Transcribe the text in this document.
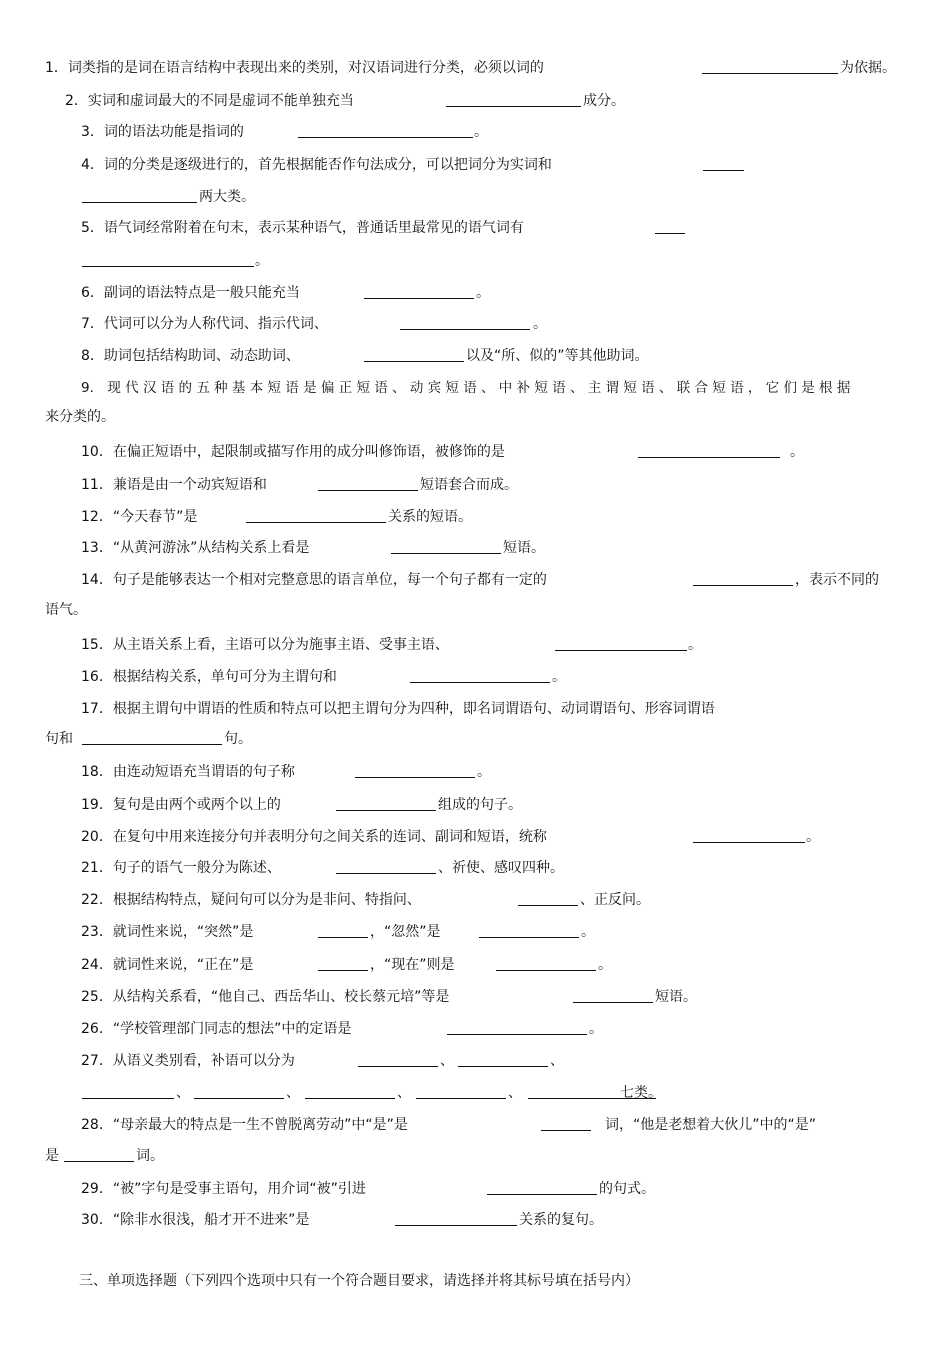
1．词类指的是词在语言结构中表现出来的类别，对汉语词进行分类，必须以词的	为依据。
2．实词和虚词最大的不同是虚词不能单独充当	成分。
3．词的语法功能是指词的	。
4．词的分类是逐级进行的，首先根据能否作句法成分，可以把词分为实词和
两大类。
5．语气词经常附着在句末，表示某种语气，普通话里最常见的语气词有
。
6．副词的语法特点是一般只能充当	。
7．代词可以分为人称代词、指示代词、	。
8．助词包括结构助词、动态助词、	以及“所、似的”等其他助词。
9． 现 代 汉 语 的 五 种 基 本 短 语 是 偏 正 短 语 、 动 宾 短 语 、 中 补 短 语 、 主 谓 短 语 、 联 合 短 语 ， 它 们 是 根 据
来分类的。
10．在偏正短语中，起限制或描写作用的成分叫修饰语，被修饰的是	。
11．兼语是由一个动宾短语和	短语套合而成。
12．“今天春节”是	关系的短语。
13．“从黄河游泳”从结构关系上看是	短语。
14．句子是能够表达一个相对完整意思的语言单位，每一个句子都有一定的	，表示不同的
语气。
15．从主语关系上看，主语可以分为施事主语、受事主语、	。
16．根据结构关系，单句可分为主谓句和	。
17．根据主谓句中谓语的性质和特点可以把主谓句分为四种，即名词谓语句、动词谓语句、形容词谓语
句和	句。
18．由连动短语充当谓语的句子称	。
19．复句是由两个或两个以上的	组成的句子。
20．在复句中用来连接分句并表明分句之间关系的连词、副词和短语，统称	。
21．句子的语气一般分为陈述、	、祈使、感叹四种。
22．根据结构特点，疑问句可以分为是非问、特指问、	、正反问。
23．就词性来说，“突然”是	，“忽然”是	。
24．就词性来说，“正在”是	，“现在”则是	。
25．从结构关系看，“他自己、西岳华山、校长蔡元培”等是	短语。
26．“学校管理部门同志的想法”中的定语是	。
27．从语义类别看，补语可以分为	、	、
、	、	、	、	七类。
28．“母亲最大的特点是一生不曾脱离劳动”中“是”是	词，“他是老想着大伙儿”中的“是”
是	词。
29．“被”字句是受事主语句，用介词“被”引进	的句式。
30．“除非水很浅，船才开不进来”是	关系的复句。
三、单项选择题（下列四个选项中只有一个符合题目要求，请选择并将其标号填在括号内）
